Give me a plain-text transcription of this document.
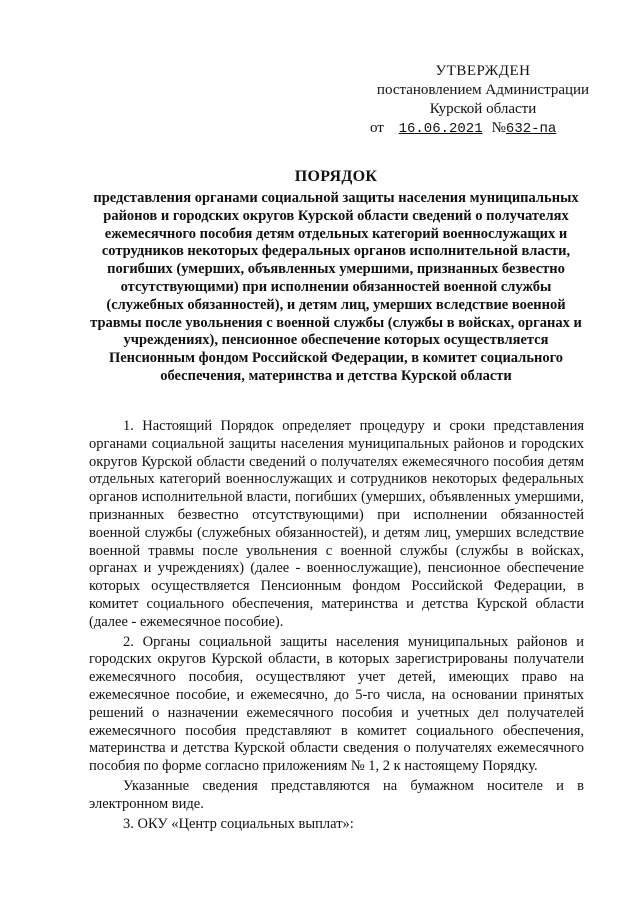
УТВЕРЖДЕН
постановлением Администрации
Курской области
от 16.06.2021 №632-па
ПОРЯДОК
представления органами социальной защиты населения муниципальных районов и городских округов Курской области сведений о получателях ежемесячного пособия детям отдельных категорий военнослужащих и сотрудников некоторых федеральных органов исполнительной власти, погибших (умерших, объявленных умершими, признанных безвестно отсутствующими) при исполнении обязанностей военной службы (служебных обязанностей), и детям лиц, умерших вследствие военной травмы после увольнения с военной службы (службы в войсках, органах и учреждениях), пенсионное обеспечение которых осуществляется Пенсионным фондом Российской Федерации, в комитет социального обеспечения, материнства и детства Курской области

1. Настоящий Порядок определяет процедуру и сроки представления органами социальной защиты населения муниципальных районов и городских округов Курской области сведений о получателях ежемесячного пособия детям отдельных категорий военнослужащих и сотрудников некоторых федеральных органов исполнительной власти, погибших (умерших, объявленных умершими, признанных безвестно отсутствующими) при исполнении обязанностей военной службы (служебных обязанностей), и детям лиц, умерших вследствие военной травмы после увольнения с военной службы (службы в войсках, органах и учреждениях) (далее - военнослужащие), пенсионное обеспечение которых осуществляется Пенсионным фондом Российской Федерации, в комитет социального обеспечения, материнства и детства Курской области (далее - ежемесячное пособие).

2. Органы социальной защиты населения муниципальных районов и городских округов Курской области, в которых зарегистрированы получатели ежемесячного пособия, осуществляют учет детей, имеющих право на ежемесячное пособие, и ежемесячно, до 5-го числа, на основании принятых решений о назначении ежемесячного пособия и учетных дел получателей ежемесячного пособия представляют в комитет социального обеспечения, материнства и детства Курской области сведения о получателях ежемесячного пособия по форме согласно приложениям № 1, 2 к настоящему Порядку.

Указанные сведения представляются на бумажном носителе и в электронном виде.

3. ОКУ «Центр социальных выплат»:
